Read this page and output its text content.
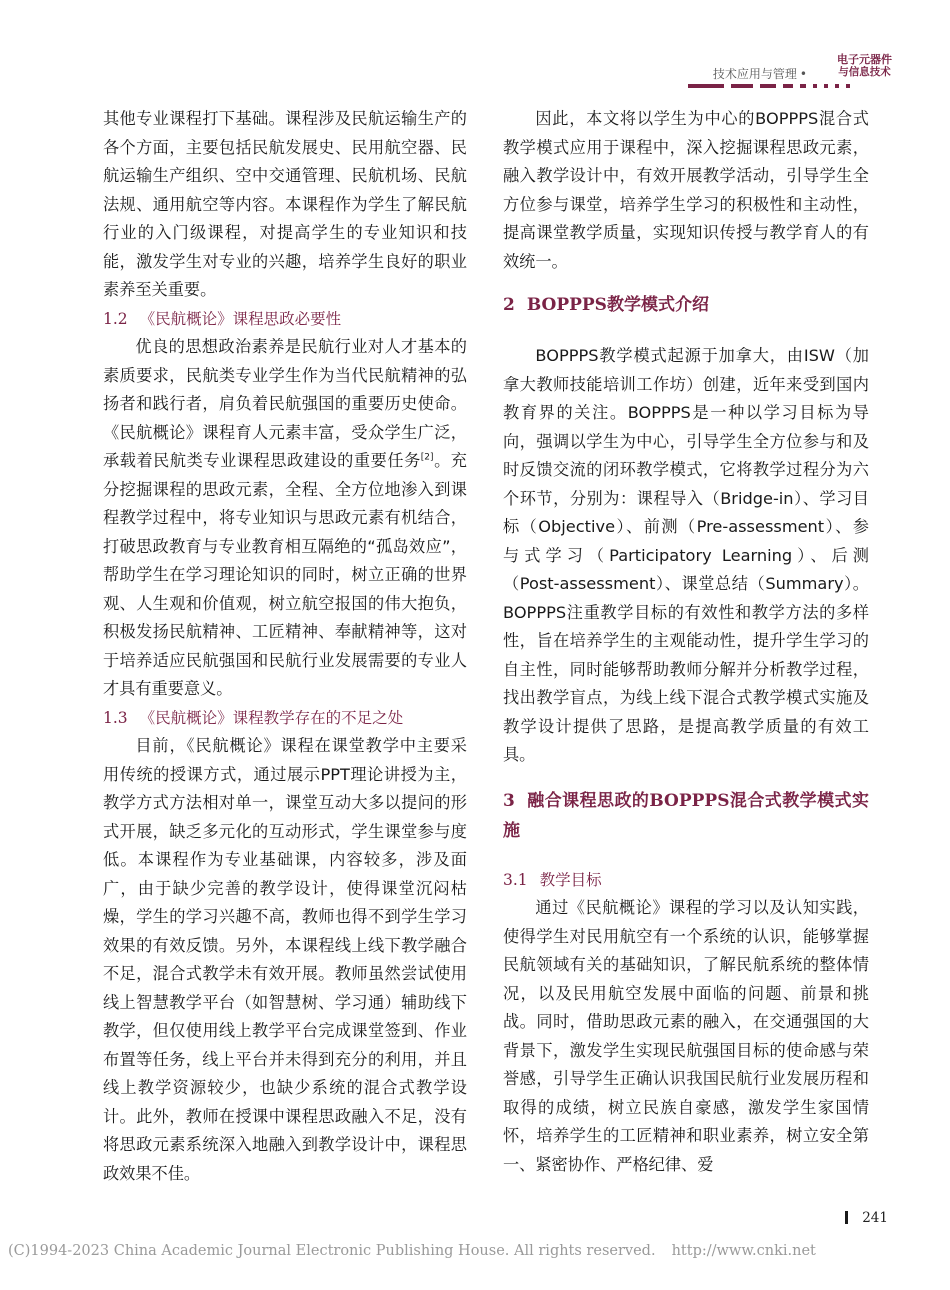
技术应用与管理 •
电子元器件
与信息技术

其他专业课程打下基础。课程涉及民航运输生产的各个方面，主要包括民航发展史、民用航空器、民航运输生产组织、空中交通管理、民航机场、民航法规、通用航空等内容。本课程作为学生了解民航行业的入门级课程，对提高学生的专业知识和技能，激发学生对专业的兴趣，培养学生良好的职业素养至关重要。

1.2 《民航概论》课程思政必要性

优良的思想政治素养是民航行业对人才基本的素质要求，民航类专业学生作为当代民航精神的弘扬者和践行者，肩负着民航强国的重要历史使命。《民航概论》课程育人元素丰富，受众学生广泛，承载着民航类专业课程思政建设的重要任务[2]。充分挖掘课程的思政元素，全程、全方位地渗入到课程教学过程中，将专业知识与思政元素有机结合，打破思政教育与专业教育相互隔绝的“孤岛效应”，帮助学生在学习理论知识的同时，树立正确的世界观、人生观和价值观，树立航空报国的伟大抱负，积极发扬民航精神、工匠精神、奉献精神等，这对于培养适应民航强国和民航行业发展需要的专业人才具有重要意义。

1.3 《民航概论》课程教学存在的不足之处

目前，《民航概论》课程在课堂教学中主要采用传统的授课方式，通过展示PPT理论讲授为主，教学方式方法相对单一，课堂互动大多以提问的形式开展，缺乏多元化的互动形式，学生课堂参与度低。本课程作为专业基础课，内容较多，涉及面广，由于缺少完善的教学设计，使得课堂沉闷枯燥，学生的学习兴趣不高，教师也得不到学生学习效果的有效反馈。另外，本课程线上线下教学融合不足，混合式教学未有效开展。教师虽然尝试使用线上智慧教学平台（如智慧树、学习通）辅助线下教学，但仅使用线上教学平台完成课堂签到、作业布置等任务，线上平台并未得到充分的利用，并且线上教学资源较少，也缺少系统的混合式教学设计。此外，教师在授课中课程思政融入不足，没有将思政元素系统深入地融入到教学设计中，课程思政效果不佳。

因此，本文将以学生为中心的BOPPPS混合式教学模式应用于课程中，深入挖掘课程思政元素，融入教学设计中，有效开展教学活动，引导学生全方位参与课堂，培养学生学习的积极性和主动性，提高课堂教学质量，实现知识传授与教学育人的有效统一。

2 BOPPPS教学模式介绍

BOPPPS教学模式起源于加拿大，由ISW（加拿大教师技能培训工作坊）创建，近年来受到国内教育界的关注。BOPPPS是一种以学习目标为导向，强调以学生为中心，引导学生全方位参与和及时反馈交流的闭环教学模式，它将教学过程分为六个环节，分别为：课程导入（Bridge-in）、学习目标（Objective）、前测（Pre-assessment）、参与式学习（Participatory Learning）、后测（Post-assessment）、课堂总结（Summary）。BOPPPS注重教学目标的有效性和教学方法的多样性，旨在培养学生的主观能动性，提升学生学习的自主性，同时能够帮助教师分解并分析教学过程，找出教学盲点，为线上线下混合式教学模式实施及教学设计提供了思路，是提高教学质量的有效工具。

3 融合课程思政的BOPPPS混合式教学模式实施

3.1 教学目标

通过《民航概论》课程的学习以及认知实践，使得学生对民用航空有一个系统的认识，能够掌握民航领域有关的基础知识，了解民航系统的整体情况，以及民用航空发展中面临的问题、前景和挑战。同时，借助思政元素的融入，在交通强国的大背景下，激发学生实现民航强国目标的使命感与荣誉感，引导学生正确认识我国民航行业发展历程和取得的成绩，树立民族自豪感，激发学生家国情怀，培养学生的工匠精神和职业素养，树立安全第一、紧密协作、严格纪律、爱

241
(C)1994-2023 China Academic Journal Electronic Publishing House. All rights reserved. http://www.cnki.net
